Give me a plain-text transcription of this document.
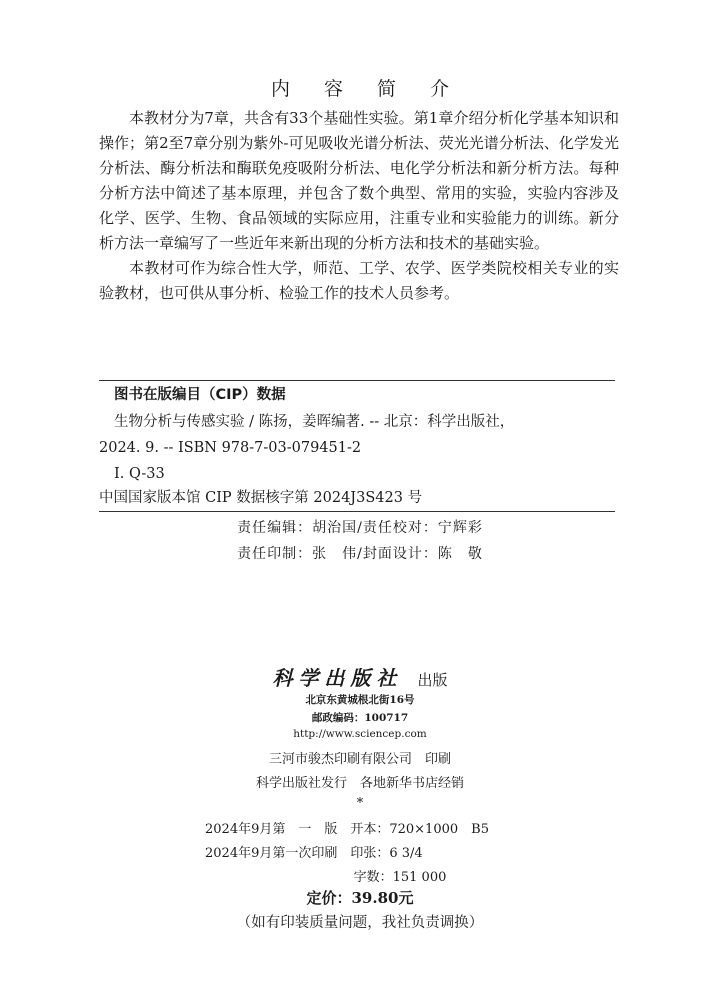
内 容 简 介

本教材分为7章，共含有33个基础性实验。第1章介绍分析化学基本知识和操作；第2至7章分别为紫外-可见吸收光谱分析法、荧光光谱分析法、化学发光分析法、酶分析法和酶联免疫吸附分析法、电化学分析法和新分析方法。每种分析方法中简述了基本原理，并包含了数个典型、常用的实验，实验内容涉及化学、医学、生物、食品领域的实际应用，注重专业和实验能力的训练。新分析方法一章编写了一些近年来新出现的分析方法和技术的基础实验。

本教材可作为综合性大学，师范、工学、农学、医学类院校相关专业的实验教材，也可供从事分析、检验工作的技术人员参考。

图书在版编目（CIP）数据
生物分析与传感实验 / 陈扬，姜晖编著. -- 北京：科学出版社，
2024. 9. -- ISBN 978-7-03-079451-2
Ⅰ. Q-33
中国国家版本馆 CIP 数据核字第 2024J3S423 号
责任编辑：胡治国/责任校对：宁辉彩
责任印制：张　伟/封面设计：陈　敬
科学出版社 出版
北京东黄城根北街16号
邮政编码：100717
http://www.sciencep.com
三河市骏杰印刷有限公司　印刷
科学出版社发行　各地新华书店经销
*
2024年9月第　一　版　开本：720×1000　B5
2024年9月第一次印刷　印张：6 3/4
字数：151 000
定价：39.80元
（如有印装质量问题，我社负责调换）
